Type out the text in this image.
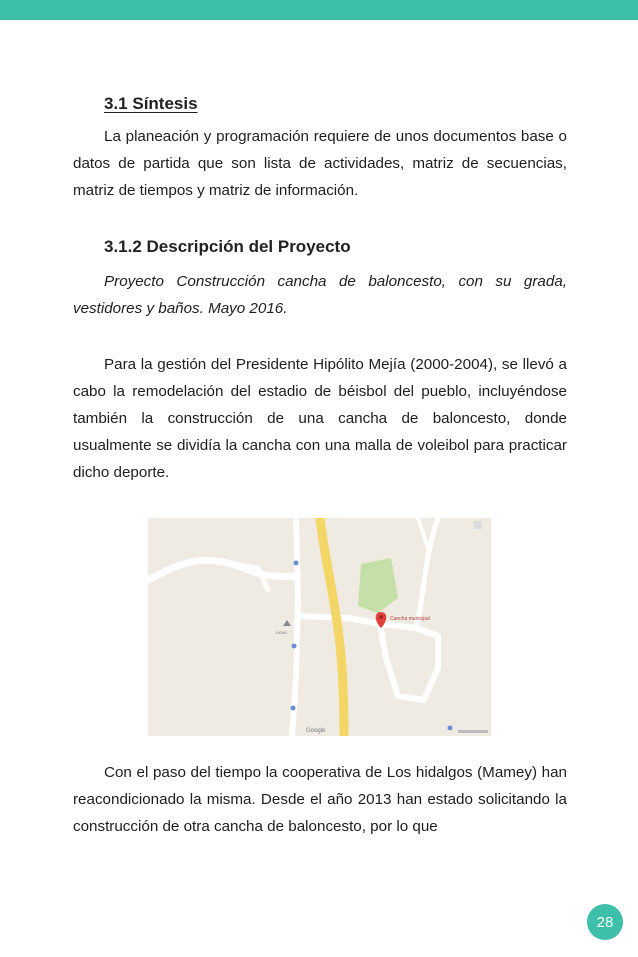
3.1 Síntesis

La planeación y programación requiere de unos documentos base o datos de partida que son lista de actividades, matriz de secuencias, matriz de tiempos y matriz de información.

3.1.2 Descripción del Proyecto

Proyecto Construcción cancha de baloncesto, con su grada, vestidores y baños. Mayo 2016.

Para la gestión del Presidente Hipólito Mejía (2000-2004), se llevó a cabo la remodelación del estadio de béisbol del pueblo, incluyéndose también la construcción de una cancha de baloncesto, donde usualmente se dividía la cancha con una malla de voleibol para practicar dicho deporte.

Con el paso del tiempo la cooperativa de Los hidalgos (Mamey) han reacondicionado la misma. Desde el año 2013 han estado solicitando la construcción de otra cancha de baloncesto, por lo que

Cancha municipal
Liceo
Google
28
